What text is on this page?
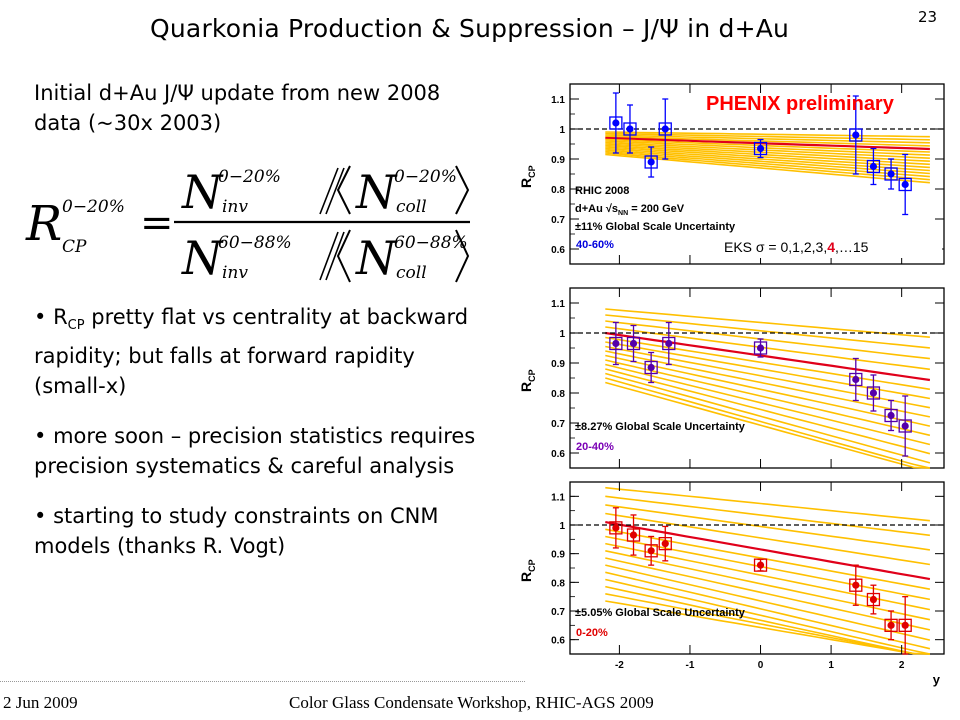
Quarkonia Production & Suppression – J/Ψ in d+Au	23
Initial d+Au J/Ψ update from new 2008 data (~30x 2003)
R 0−20%
CP
=
N
0−20%
inv N
0−20%
coll
N
60−88%
inv N
60−88%
coll

• $R_{CP}$ pretty flat vs centrality at backward rapidity; but falls at forward rapidity (small-x)

• more soon – precision statistics requires precision systematics & careful analysis

• starting to study constraints on CNM models (thanks R. Vogt)

2 Jun 2009	Color Glass Condensate Workshop, RHIC-AGS 2009
0.6
0.7
0.8
0.9
1
1.1
$R_{CP}$
PHENIX preliminary
RHIC 2008
d+Au $√s_{NN} = 200$ GeV
±11% Global Scale Uncertainty
40-60%	EKS σ = 0,1,2,3,4,…15
0.6
0.7
0.8
0.9
1
1.1
$R_{CP}$
±8.27% Global Scale Uncertainty
20-40%
0.6
0.7
0.8
0.9
1
1.1
-2	-1	0	1	2
y
$R_{CP}$
±5.05% Global Scale Uncertainty
0-20%
